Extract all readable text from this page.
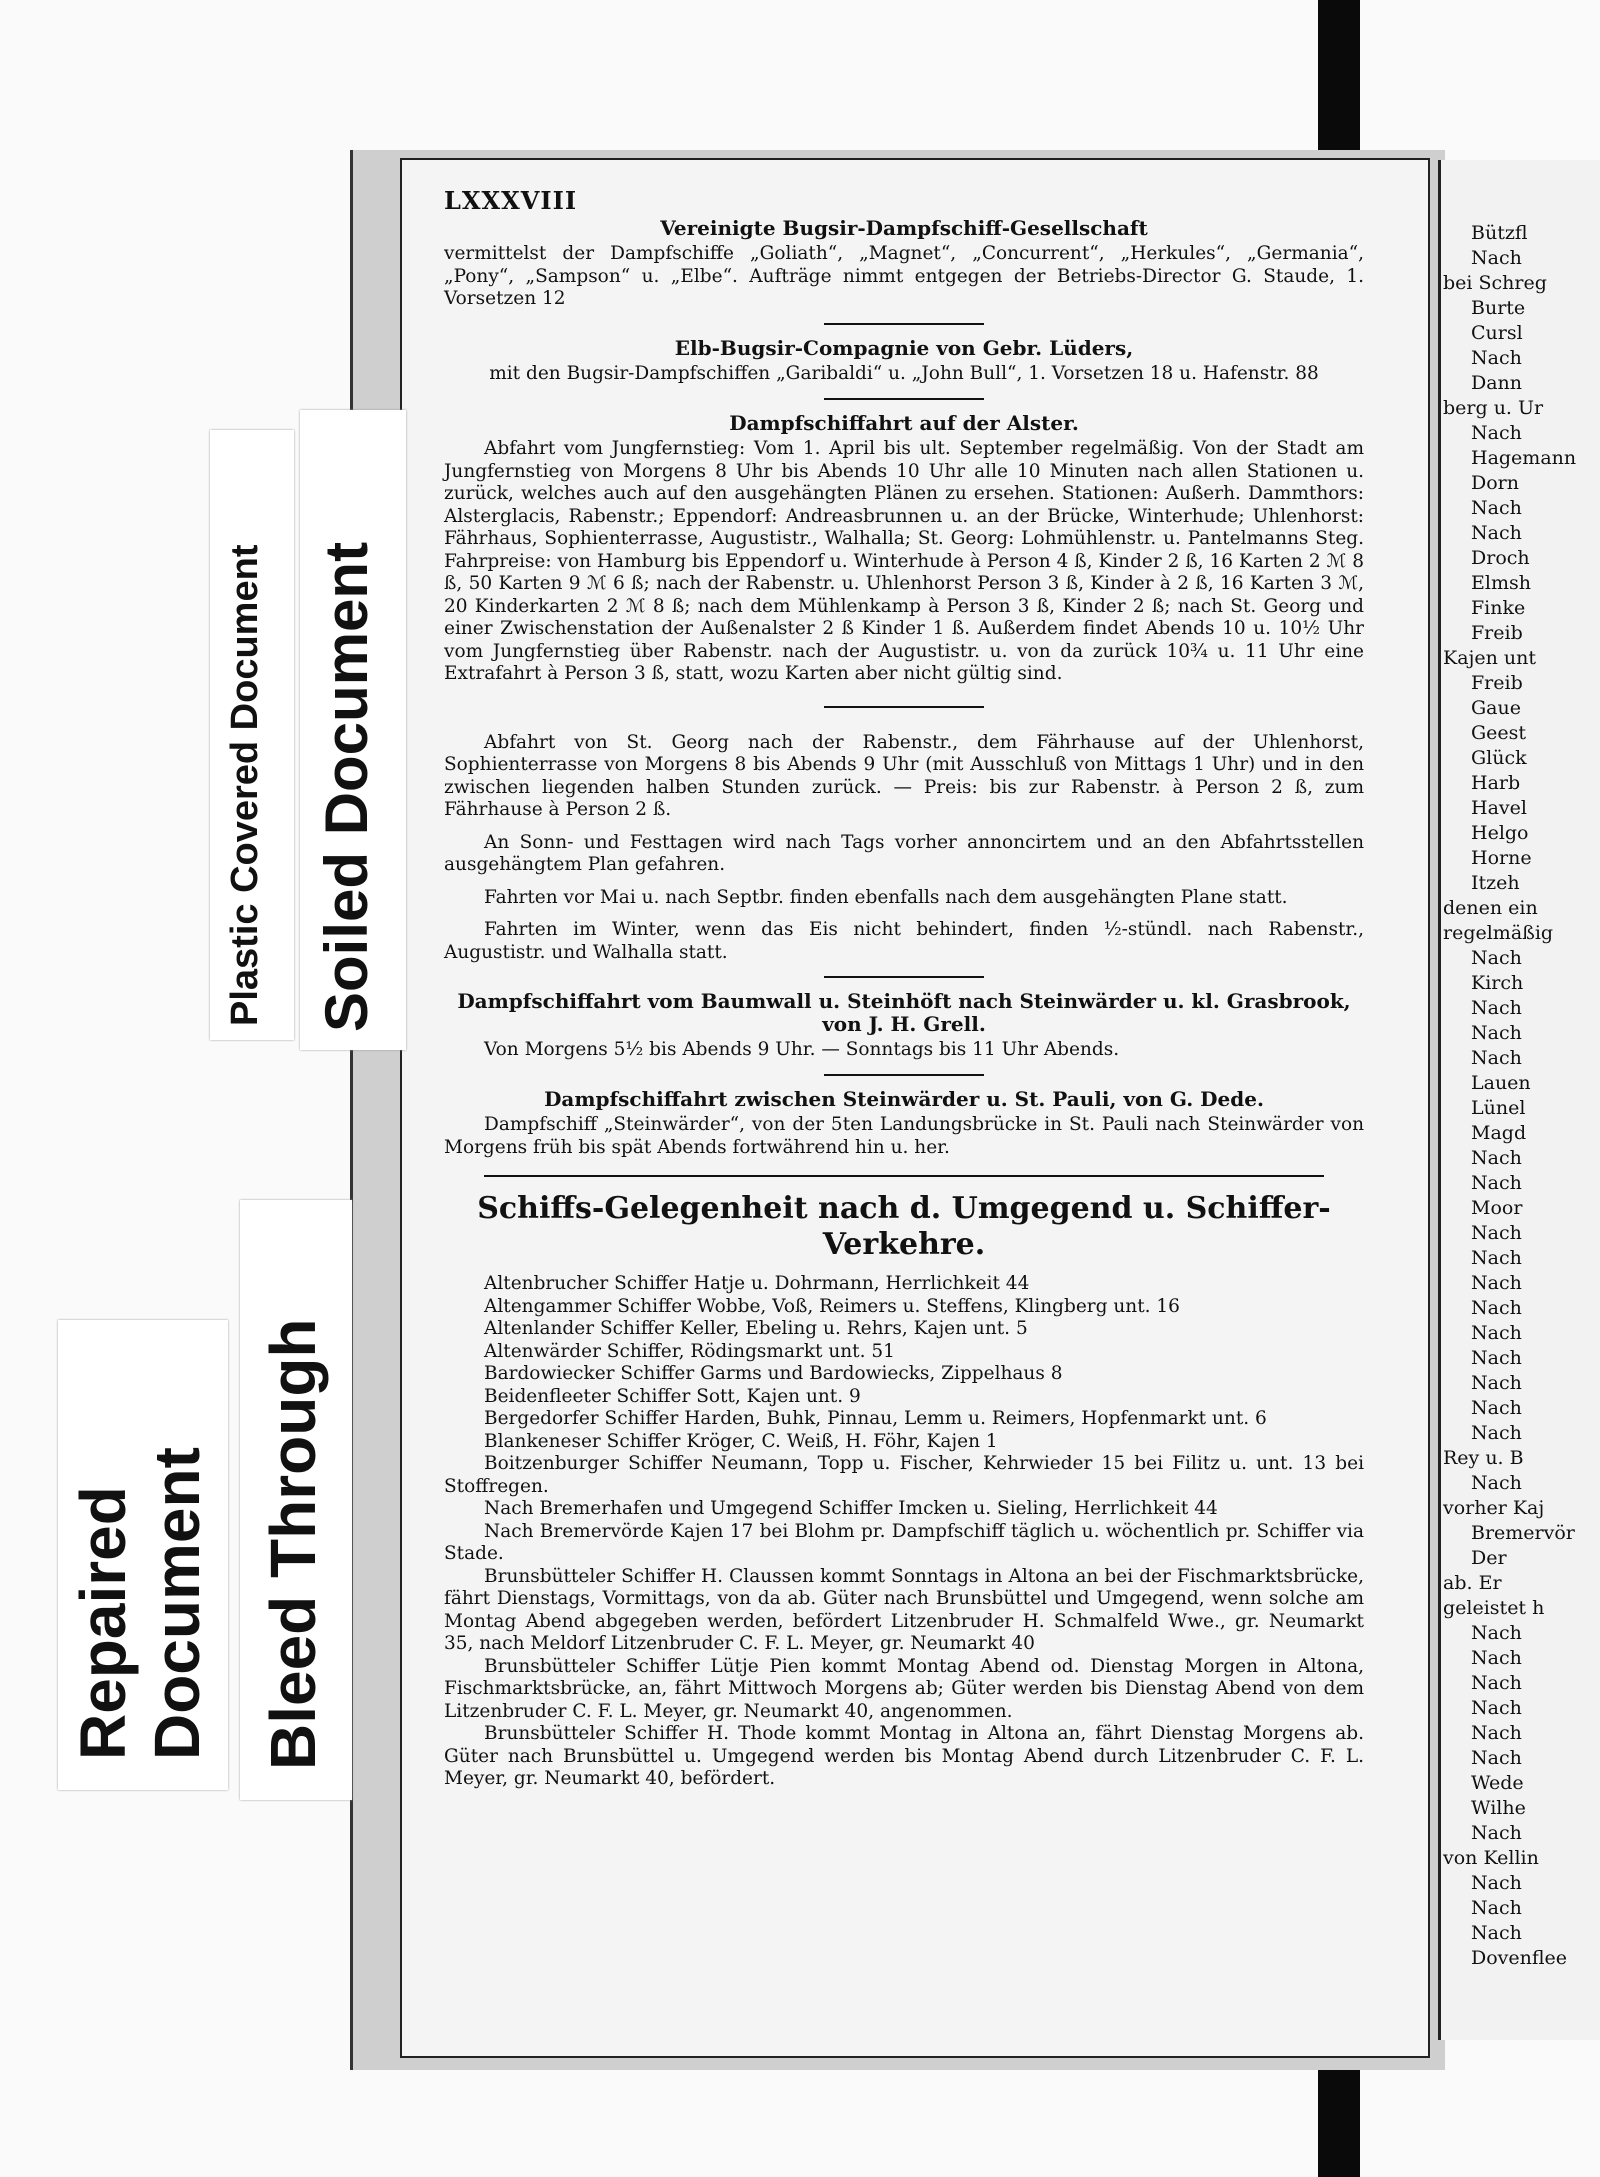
Bützfl
Nach
bei Schreg
Burte
Cursl
Nach
Dann
berg u. Ur
Nach
Hagemann
Dorn
Nach
Nach
Droch
Elmsh
Finke
Freib
Kajen unt
Freib
Gaue
Geest
Glück
Harb
Havel
Helgo
Horne
Itzeh
denen ein
regelmäßig
Nach
Kirch
Nach
Nach
Nach
Lauen
Lünel
Magd
Nach
Nach
Moor
Nach
Nach
Nach
Nach
Nach
Nach
Nach
Nach
Nach
Rey u. B
Nach
vorher Kaj
Bremervör
Der
ab. Er
geleistet h
Nach
Nach
Nach
Nach
Nach
Nach
Wede
Wilhe
Nach
von Kellin
Nach
Nach
Nach
Dovenflee
LXXXVIII
Vereinigte Bugsir-Dampfschiff-Gesellschaft

vermittelst der Dampfschiffe „Goliath“, „Magnet“, „Concurrent“, „Herkules“, „Germania“, „Pony“, „Sampson“ u. „Elbe“. Aufträge nimmt entgegen der Betriebs-Director G. Staude, 1. Vorsetzen 12

Elb-Bugsir-Compagnie von Gebr. Lüders,

mit den Bugsir-Dampfschiffen „Garibaldi“ u. „John Bull“, 1. Vorsetzen 18 u. Hafenstr. 88

Dampfschiffahrt auf der Alster.

Abfahrt vom Jungfernstieg: Vom 1. April bis ult. September regelmäßig. Von der Stadt am Jungfernstieg von Morgens 8 Uhr bis Abends 10 Uhr alle 10 Minuten nach allen Stationen u. zurück, welches auch auf den ausgehängten Plänen zu ersehen. Stationen: Außerh. Dammthors: Alsterglacis, Rabenstr.; Eppendorf: Andreasbrunnen u. an der Brücke, Winterhude; Uhlenhorst: Fährhaus, Sophienterrasse, Augustistr., Walhalla; St. Georg: Lohmühlenstr. u. Pantelmanns Steg. Fahrpreise: von Hamburg bis Eppendorf u. Winterhude à Person 4 ß, Kinder 2 ß, 16 Karten 2 ℳ 8 ß, 50 Karten 9 ℳ 6 ß; nach der Rabenstr. u. Uhlenhorst Person 3 ß, Kinder à 2 ß, 16 Karten 3 ℳ, 20 Kinderkarten 2 ℳ 8 ß; nach dem Mühlenkamp à Person 3 ß, Kinder 2 ß; nach St. Georg und einer Zwischenstation der Außenalster 2 ß Kinder 1 ß. Außerdem findet Abends 10 u. 10½ Uhr vom Jungfernstieg über Rabenstr. nach der Augustistr. u. von da zurück 10¾ u. 11 Uhr eine Extrafahrt à Person 3 ß, statt, wozu Karten aber nicht gültig sind.

Abfahrt von St. Georg nach der Rabenstr., dem Fährhause auf der Uhlenhorst, Sophienterrasse von Morgens 8 bis Abends 9 Uhr (mit Ausschluß von Mittags 1 Uhr) und in den zwischen liegenden halben Stunden zurück. — Preis: bis zur Rabenstr. à Person 2 ß, zum Fährhause à Person 2 ß.

An Sonn- und Festtagen wird nach Tags vorher annoncirtem und an den Abfahrtsstellen ausgehängtem Plan gefahren.

Fahrten vor Mai u. nach Septbr. finden ebenfalls nach dem ausgehängten Plane statt.

Fahrten im Winter, wenn das Eis nicht behindert, finden ½-stündl. nach Rabenstr., Augustistr. und Walhalla statt.

Dampfschiffahrt vom Baumwall u. Steinhöft nach Steinwärder u. kl. Grasbrook,
von J. H. Grell.

Von Morgens 5½ bis Abends 9 Uhr. — Sonntags bis 11 Uhr Abends.

Dampfschiffahrt zwischen Steinwärder u. St. Pauli, von G. Dede.

Dampfschiff „Steinwärder“, von der 5ten Landungsbrücke in St. Pauli nach Steinwärder von Morgens früh bis spät Abends fortwährend hin u. her.

Schiffs-Gelegenheit nach d. Umgegend u. Schiffer-Verkehre.

Altenbrucher Schiffer Hatje u. Dohrmann, Herrlichkeit 44

Altengammer Schiffer Wobbe, Voß, Reimers u. Steffens, Klingberg unt. 16

Altenlander Schiffer Keller, Ebeling u. Rehrs, Kajen unt. 5

Altenwärder Schiffer, Rödingsmarkt unt. 51

Bardowiecker Schiffer Garms und Bardowiecks, Zippelhaus 8

Beidenfleeter Schiffer Sott, Kajen unt. 9

Bergedorfer Schiffer Harden, Buhk, Pinnau, Lemm u. Reimers, Hopfenmarkt unt. 6

Blankeneser Schiffer Kröger, C. Weiß, H. Föhr, Kajen 1

Boitzenburger Schiffer Neumann, Topp u. Fischer, Kehrwieder 15 bei Filitz u. unt. 13 bei Stoffregen.

Nach Bremerhafen und Umgegend Schiffer Imcken u. Sieling, Herrlichkeit 44

Nach Bremervörde Kajen 17 bei Blohm pr. Dampfschiff täglich u. wöchentlich pr. Schiffer via Stade.

Brunsbütteler Schiffer H. Claussen kommt Sonntags in Altona an bei der Fischmarktsbrücke, fährt Dienstags, Vormittags, von da ab. Güter nach Brunsbüttel und Umgegend, wenn solche am Montag Abend abgegeben werden, befördert Litzenbruder H. Schmalfeld Wwe., gr. Neumarkt 35, nach Meldorf Litzenbruder C. F. L. Meyer, gr. Neumarkt 40

Brunsbütteler Schiffer Lütje Pien kommt Montag Abend od. Dienstag Morgen in Altona, Fischmarktsbrücke, an, fährt Mittwoch Morgens ab; Güter werden bis Dienstag Abend von dem Litzenbruder C. F. L. Meyer, gr. Neumarkt 40, angenommen.

Brunsbütteler Schiffer H. Thode kommt Montag in Altona an, fährt Dienstag Morgens ab. Güter nach Brunsbüttel u. Umgegend werden bis Montag Abend durch Litzenbruder C. F. L. Meyer, gr. Neumarkt 40, befördert.

Plastic Covered Document Soiled Document
Repaired Document Bleed Through
